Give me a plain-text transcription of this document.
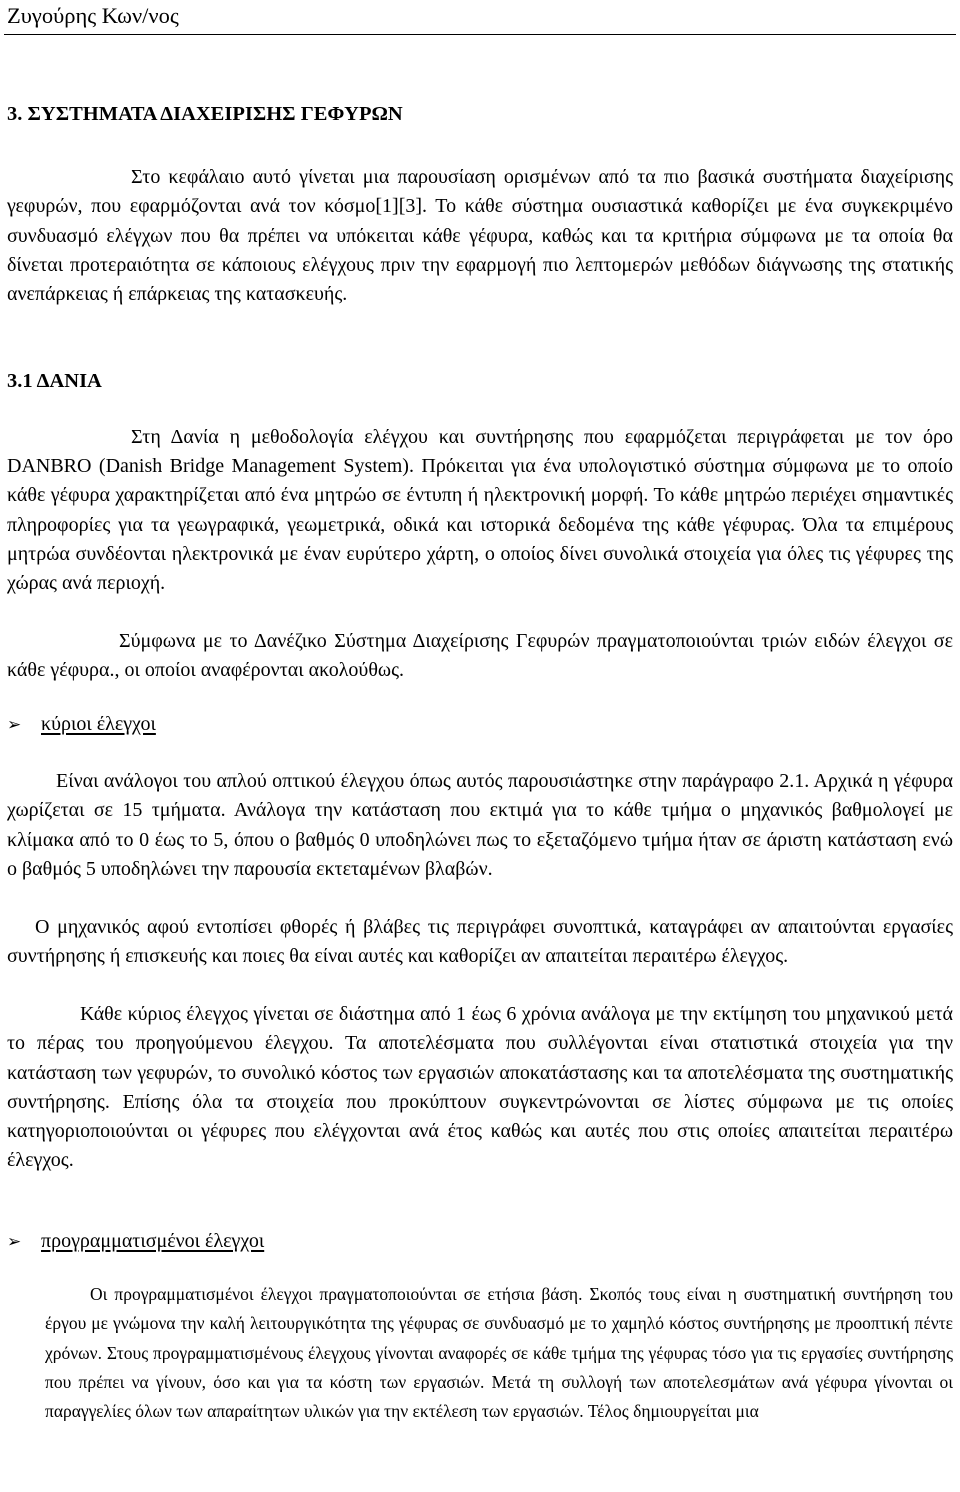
Ζυγούρης Κων/νος
3. ΣΥΣΤΗΜΑΤΑ ΔΙΑΧΕΙΡΙΣΗΣ ΓΕΦΥΡΩΝ

Στο κεφάλαιο αυτό γίνεται μια παρουσίαση ορισμένων από τα πιο βασικά συστήματα διαχείρισης γεφυρών, που εφαρμόζονται ανά τον κόσμο[1][3]. Το κάθε σύστημα ουσιαστικά καθορίζει με ένα συγκεκριμένο συνδυασμό ελέγχων που θα πρέπει να υπόκειται κάθε γέφυρα, καθώς και τα κριτήρια σύμφωνα με τα οποία θα δίνεται προτεραιότητα σε κάποιους ελέγχους πριν την εφαρμογή πιο λεπτομερών μεθόδων διάγνωσης της στατικής ανεπάρκειας ή επάρκειας της κατασκευής.

3.1 ΔΑΝΙΑ

Στη Δανία η μεθοδολογία ελέγχου και συντήρησης που εφαρμόζεται περιγράφεται με τον όρο DANBRO (Danish Bridge Management System). Πρόκειται για ένα υπολογιστικό σύστημα σύμφωνα με το οποίο κάθε γέφυρα χαρακτηρίζεται από ένα μητρώο σε έντυπη ή ηλεκτρονική μορφή. Το κάθε μητρώο περιέχει σημαντικές πληροφορίες για τα γεωγραφικά, γεωμετρικά, οδικά και ιστορικά δεδομένα της κάθε γέφυρας. Όλα τα επιμέρους μητρώα συνδέονται ηλεκτρονικά με έναν ευρύτερο χάρτη, ο οποίος δίνει συνολικά στοιχεία για όλες τις γέφυρες της χώρας ανά περιοχή.

Σύμφωνα με το Δανέζικο Σύστημα Διαχείρισης Γεφυρών πραγματοποιούνται τριών ειδών έλεγχοι σε κάθε γέφυρα., οι οποίοι αναφέρονται ακολούθως.

➢ κύριοι έλεγχοι

Είναι ανάλογοι του απλού οπτικού έλεγχου όπως αυτός παρουσιάστηκε στην παράγραφο 2.1. Αρχικά η γέφυρα χωρίζεται σε 15 τμήματα. Ανάλογα την κατάσταση που εκτιμά για το κάθε τμήμα ο μηχανικός βαθμολογεί με κλίμακα από το 0 έως το 5, όπου ο βαθμός 0 υποδηλώνει πως το εξεταζόμενο τμήμα ήταν σε άριστη κατάσταση ενώ ο βαθμός 5 υποδηλώνει την παρουσία εκτεταμένων βλαβών.

Ο μηχανικός αφού εντοπίσει φθορές ή βλάβες τις περιγράφει συνοπτικά, καταγράφει αν απαιτούνται εργασίες συντήρησης ή επισκευής και ποιες θα είναι αυτές και καθορίζει αν απαιτείται περαιτέρω έλεγχος.

Κάθε κύριος έλεγχος γίνεται σε διάστημα από 1 έως 6 χρόνια ανάλογα με την εκτίμηση του μηχανικού μετά το πέρας του προηγούμενου έλεγχου. Τα αποτελέσματα που συλλέγονται είναι στατιστικά στοιχεία για την κατάσταση των γεφυρών, το συνολικό κόστος των εργασιών αποκατάστασης και τα αποτελέσματα της συστηματικής συντήρησης. Επίσης όλα τα στοιχεία που προκύπτουν συγκεντρώνονται σε λίστες σύμφωνα με τις οποίες κατηγοριοποιούνται οι γέφυρες που ελέγχονται ανά έτος καθώς και αυτές που στις οποίες απαιτείται περαιτέρω έλεγχος.

➢ προγραμματισμένοι έλεγχοι

Οι προγραμματισμένοι έλεγχοι πραγματοποιούνται σε ετήσια βάση. Σκοπός τους είναι η συστηματική συντήρηση του έργου με γνώμονα την καλή λειτουργικότητα της γέφυρας σε συνδυασμό με το χαμηλό κόστος συντήρησης με προοπτική πέντε χρόνων. Στους προγραμματισμένους έλεγχους γίνονται αναφορές σε κάθε τμήμα της γέφυρας τόσο για τις εργασίες συντήρησης που πρέπει να γίνουν, όσο και για τα κόστη των εργασιών. Μετά τη συλλογή των αποτελεσμάτων ανά γέφυρα γίνονται οι παραγγελίες όλων των απαραίτητων υλικών για την εκτέλεση των εργασιών. Τέλος δημιουργείται μια
